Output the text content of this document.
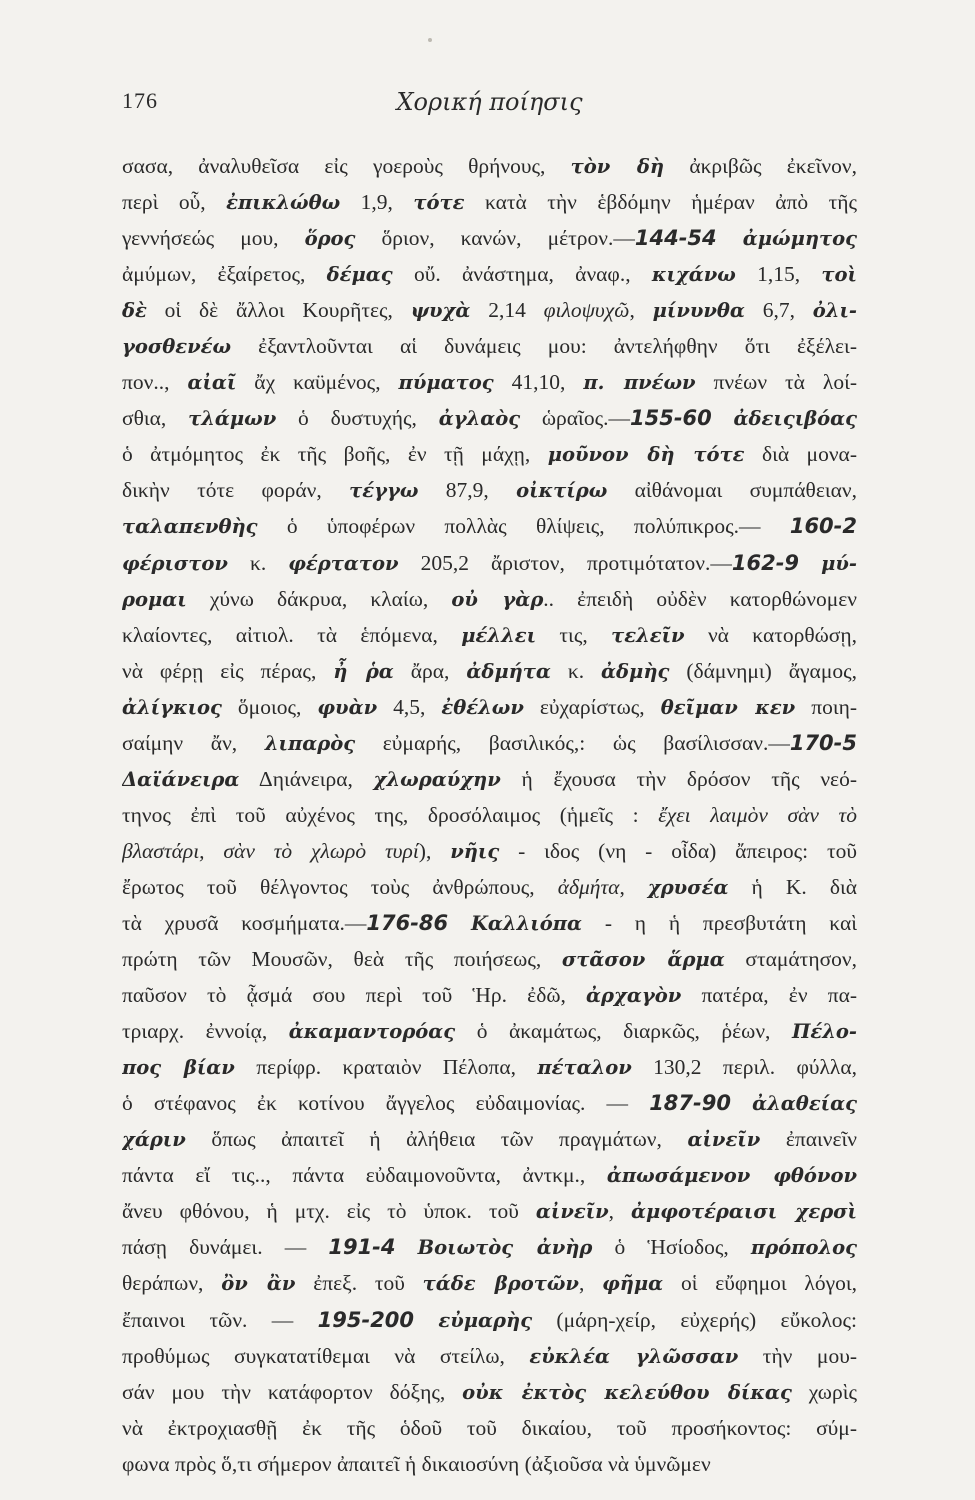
176	Χορική ποίησις
σασα, ἀναλυθεῖσα εἰς γοεροὺς θρήνους, τὸν δὴ ἀκριβῶς ἐκεῖνον,
περὶ οὗ, ἐπικλώθω 1,9, τότε κατὰ τὴν ἑβδόμην ἡμέραν ἀπὸ τῆς
γεννήσεώς μου, ὅρος ὅριον, κανών, μέτρον.—144-54 ἀμώμητος
ἀμύμων, ἐξαίρετος, δέμας οὔ. ἀνάστημα, ἀναφ., κιχάνω 1,15, τοὶ
δὲ οἱ δὲ ἄλλοι Κουρῆτες, ψυχὰ 2,14 φιλοψυχῶ, μίνυνθα 6,7, ὀλι-
γοσθενέω ἐξαντλοῦνται αἱ δυνάμεις μου: ἀντελήφθην ὅτι ἐξέλει-
πον.., αἰαῖ ἄχ καϋμένος, πύματος 41,10, π. πνέων πνέων τὰ λοί-
σθια, τλάμων ὁ δυστυχής, ἀγλαὸς ὡραῖος.—155-60 ἀδειςιβόας
ὁ ἀτμόμητος ἐκ τῆς βοῆς, ἐν τῇ μάχῃ, μοῦνον δὴ τότε διὰ μονα-
δικὴν τότε φοράν, τέγγω 87,9, οἰκτίρω αἰθάνομαι συμπάθειαν,
ταλαπενθὴς ὁ ὑποφέρων πολλὰς θλίψεις, πολύπικρος.— 160-2
φέριστον κ. φέρτατον 205,2 ἄριστον, προτιμότατον.—162-9 μύ-
ρομαι χύνω δάκρυα, κλαίω, οὐ γὰρ.. ἐπειδὴ οὐδὲν κατορθώνομεν
κλαίοντες, αἰτιολ. τὰ ἑπόμενα, μέλλει τις, τελεῖν νὰ κατορθώσῃ,
νὰ φέρῃ εἰς πέρας, ἦ ῥα ἄρα, ἀδμήτα κ. ἀδμὴς (δάμνημι) ἄγαμος,
ἀλίγκιος ὅμοιος, φυὰν 4,5, ἐθέλων εὐχαρίστως, θεῖμαν κεν ποιη-
σαίμην ἄν, λιπαρὸς εὐμαρής, βασιλικός,: ὡς βασίλισσαν.—170-5
Δαϊάνειρα Δηιάνειρα, χλωραύχην ἡ ἔχουσα τὴν δρόσον τῆς νεό-
τηνος ἐπὶ τοῦ αὐχένος της, δροσόλαιμος (ἡμεῖς : ἔχει λαιμὸν σὰν τὸ
βλαστάρι, σὰν τὸ χλωρὸ τυρί), νῆις - ιδος (νη - οἶδα) ἄπειρος: τοῦ
ἔρωτος τοῦ θέλγοντος τοὺς ἀνθρώπους, ἀδμήτα, χρυσέα ἡ Κ. διὰ
τὰ χρυσᾶ κοσμήματα.—176-86 Καλλιόπα - η ἡ πρεσβυτάτη καὶ
πρώτη τῶν Μουσῶν, θεὰ τῆς ποιήσεως, στᾶσον ἅρμα σταμάτησον,
παῦσον τὸ ᾆσμά σου περὶ τοῦ Ἡρ. ἐδῶ, ἀρχαγὸν πατέρα, ἐν πα-
τριαρχ. ἐννοίᾳ, ἀκαμαντορόας ὁ ἀκαμάτως, διαρκῶς, ῥέων, Πέλο-
πος βίαν περίφρ. κραταιὸν Πέλοπα, πέταλον 130,2 περιλ. φύλλα,
ὁ στέφανος ἐκ κοτίνου ἄγγελος εὐδαιμονίας. — 187-90 ἀλαθείας
χάριν ὅπως ἀπαιτεῖ ἡ ἀλήθεια τῶν πραγμάτων, αἰνεῖν ἐπαινεῖν
πάντα εἴ τις.., πάντα εὐδαιμονοῦντα, ἀντκμ., ἀπωσάμενον φθόνον
ἄνευ φθόνου, ἡ μτχ. εἰς τὸ ὑποκ. τοῦ αἰνεῖν, ἀμφοτέραισι χερσὶ
πάσῃ δυνάμει. — 191-4 Βοιωτὸς ἀνὴρ ὁ Ἡσίοδος, πρόπολος
θεράπων, ὂν ἂν ἐπεξ. τοῦ τάδε βροτῶν, φῆμα οἱ εὔφημοι λόγοι,
ἔπαινοι τῶν. — 195-200 εὐμαρὴς (μάρη-χείρ, εὐχερής) εὔκολος:
προθύμως συγκατατίθεμαι νὰ στείλω, εὐκλέα γλῶσσαν τὴν μου-
σάν μου τὴν κατάφορτον δόξης, οὐκ ἐκτὸς κελεύθου δίκας χωρὶς
νὰ ἐκτροχιασθῇ ἐκ τῆς ὁδοῦ τοῦ δικαίου, τοῦ προσήκοντος: σύμ-
φωνα πρὸς ὅ,τι σήμερον ἀπαιτεῖ ἡ δικαιοσύνη (ἀξιοῦσα νὰ ὑμνῶμεν
